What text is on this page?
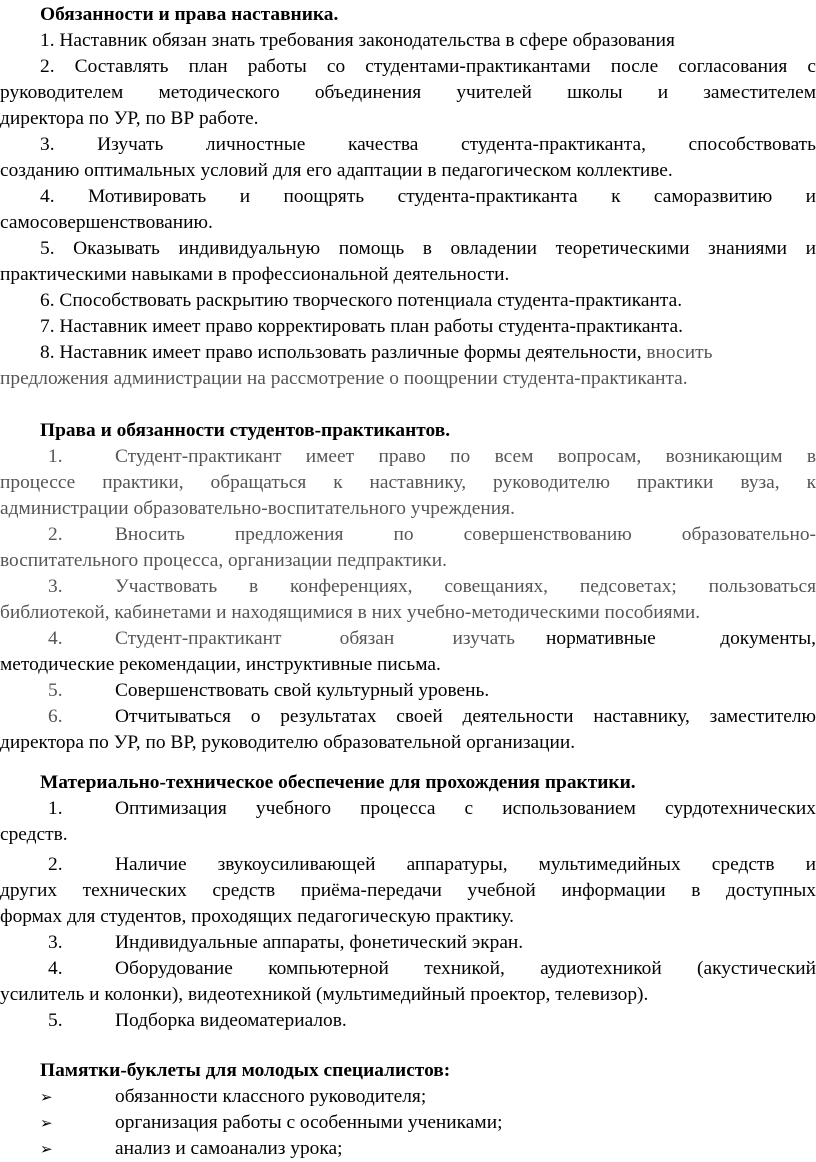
Обязанности и права наставника.
1. Наставник обязан знать требования законодательства в сфере образования
2. Составлять план работы со студентами-практикантами после согласования с
руководителем методического объединения учителей школы и заместителем
директора по УР, по ВР работе.
3. Изучать личностные качества студента-практиканта, способствовать
созданию оптимальных условий для его адаптации в педагогическом коллективе.
4. Мотивировать и поощрять студента-практиканта к саморазвитию и
самосовершенствованию.
5. Оказывать индивидуальную помощь в овладении теоретическими знаниями и
практическими навыками в профессиональной деятельности.
6. Способствовать раскрытию творческого потенциала студента-практиканта.
7. Наставник имеет право корректировать план работы студента-практиканта.
8. Наставник имеет право использовать различные формы деятельности, вносить
предложения администрации на рассмотрение о поощрении студента-практиканта.
Права и обязанности студентов-практикантов.
1.	Студент-практикант имеет право по всем вопросам, возникающим в
процессе практики, обращаться к наставнику, руководителю практики вуза, к
администрации образовательно-воспитательного учреждения.
2.	Вносить предложения по совершенствованию образовательно-
воспитательного процесса, организации педпрактики.
3.	Участвовать в конференциях, совещаниях, педсоветах; пользоваться
библиотекой, кабинетами и находящимися в них учебно-методическими пособиями.
4.	Студент-практикант обязан изучать нормативные документы,
методические рекомендации, инструктивные письма.
5.	Совершенствовать свой культурный уровень.
6.	Отчитываться о результатах своей деятельности наставнику, заместителю
директора по УР, по ВР, руководителю образовательной организации.
Материально-техническое обеспечение для прохождения практики.
1.	Оптимизация учебного процесса с использованием сурдотехнических
средств.
2.	Наличие звукоусиливающей аппаратуры, мультимедийных средств и
других технических средств приёма-передачи учебной информации в доступных
формах для студентов, проходящих педагогическую практику.
3.	Индивидуальные аппараты, фонетический экран.
4.	Оборудование компьютерной техникой, аудиотехникой (акустический
усилитель и колонки), видеотехникой (мультимедийный проектор, телевизор).
5.	Подборка видеоматериалов.
Памятки-буклеты для молодых специалистов:
➢	обязанности классного руководителя;
➢	организация работы с особенными учениками;
➢	анализ и самоанализ урока;
